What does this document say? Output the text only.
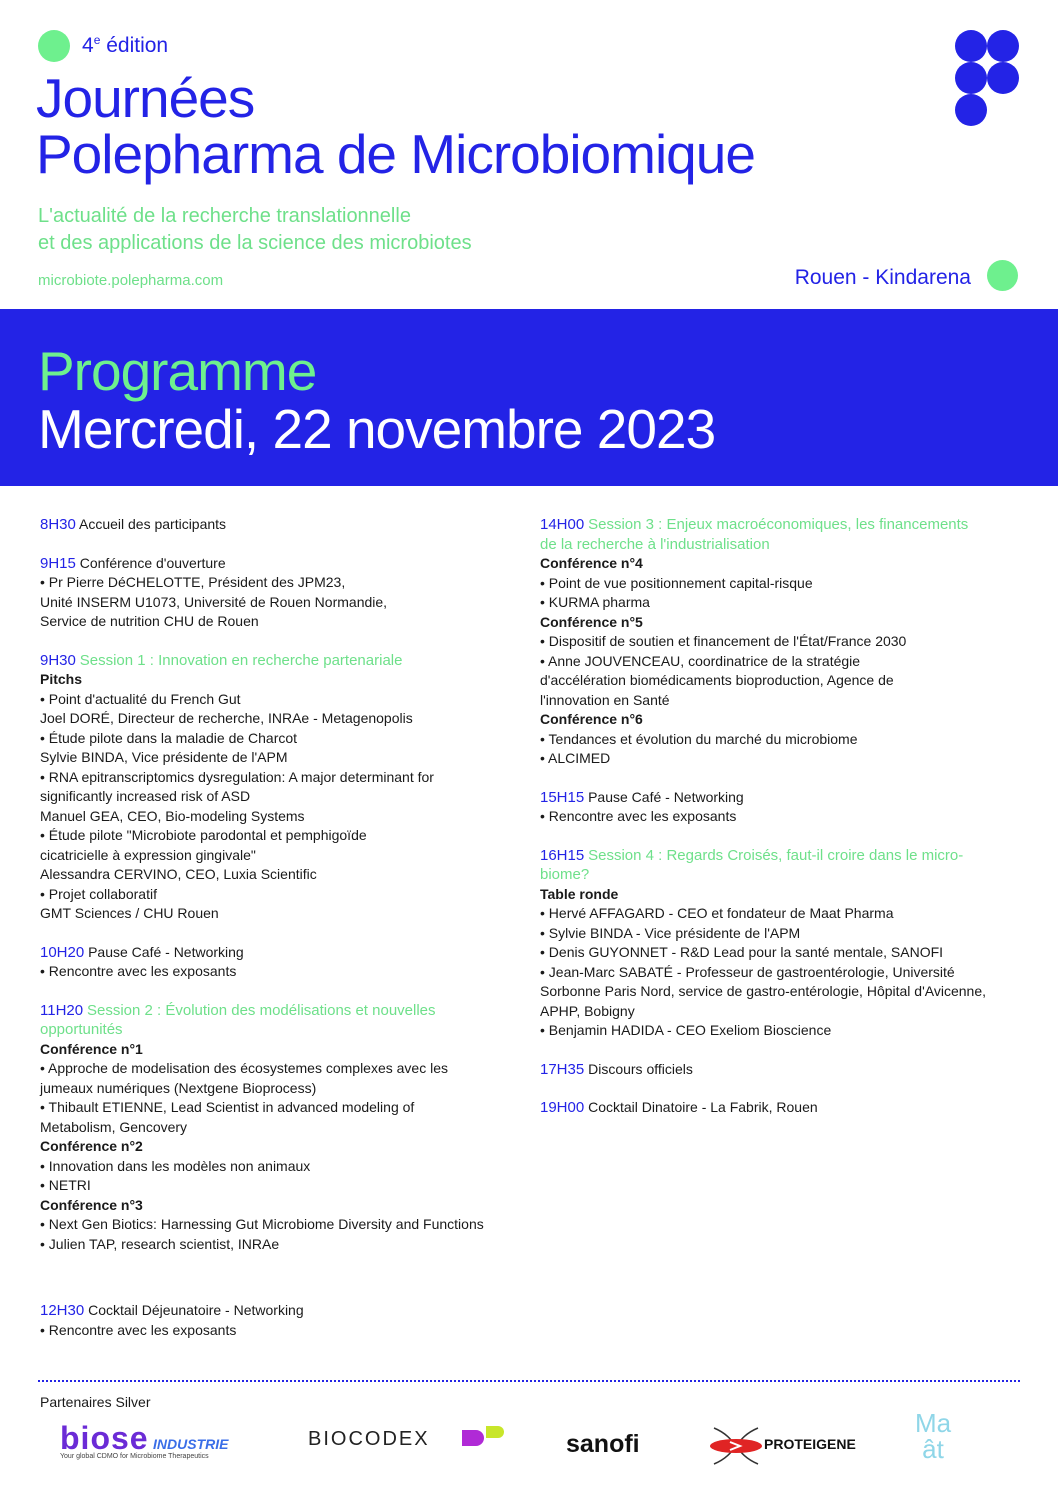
4e édition
Journées
Polepharma de Microbiomique
L'actualité de la recherche translationnelle
et des applications de la science des microbiotes
microbiote.polepharma.com	Rouen - Kindarena
Programme
Mercredi, 22 novembre 2023
8H30 Accueil des participants
9H15 Conférence d'ouverture
• Pr Pierre DéCHELOTTE, Président des JPM23,
Unité INSERM U1073, Université de Rouen Normandie,
Service de nutrition CHU de Rouen
9H30 Session 1 : Innovation en recherche partenariale
Pitchs
• Point d'actualité du French Gut
Joel DORÉ, Directeur de recherche, INRAe - Metagenopolis
• Étude pilote dans la maladie de Charcot
Sylvie BINDA, Vice présidente de l'APM
• RNA epitranscriptomics dysregulation: A major determinant for
significantly increased risk of ASD
Manuel GEA, CEO, Bio-modeling Systems
• Étude pilote "Microbiote parodontal et pemphigoïde
cicatricielle à expression gingivale"
Alessandra CERVINO, CEO, Luxia Scientific
• Projet collaboratif
GMT Sciences / CHU Rouen
10H20 Pause Café - Networking
• Rencontre avec les exposants
11H20 Session 2 : Évolution des modélisations et nouvelles
opportunités
Conférence n°1
• Approche de modelisation des écosystemes complexes avec les
jumeaux numériques (Nextgene Bioprocess)
• Thibault ETIENNE, Lead Scientist in advanced modeling of
Metabolism, Gencovery
Conférence n°2
• Innovation dans les modèles non animaux
• NETRI
Conférence n°3
• Next Gen Biotics: Harnessing Gut Microbiome Diversity and Functions
• Julien TAP, research scientist, INRAe
12H30 Cocktail Déjeunatoire - Networking
• Rencontre avec les exposants
14H00 Session 3 : Enjeux macroéconomiques, les financements
de la recherche à l'industrialisation
Conférence n°4
• Point de vue positionnement capital-risque
• KURMA pharma
Conférence n°5
• Dispositif de soutien et financement de l'État/France 2030
• Anne JOUVENCEAU, coordinatrice de la stratégie
d'accélération biomédicaments bioproduction, Agence de
l'innovation en Santé
Conférence n°6
• Tendances et évolution du marché du microbiome
• ALCIMED
15H15 Pause Café - Networking
• Rencontre avec les exposants
16H15 Session 4 : Regards Croisés, faut-il croire dans le micro-
biome?
Table ronde
• Hervé AFFAGARD - CEO et fondateur de Maat Pharma
• Sylvie BINDA - Vice présidente de l'APM
• Denis GUYONNET - R&D Lead pour la santé mentale, SANOFI
• Jean-Marc SABATÉ - Professeur de gastroentérologie, Université
Sorbonne Paris Nord, service de gastro-entérologie, Hôpital d'Avicenne,
APHP, Bobigny
• Benjamin HADIDA - CEO Exeliom Bioscience
17H35 Discours officiels
19H00 Cocktail Dinatoire - La Fabrik, Rouen
Partenaires Silver
biose INDUSTRIE
Your global CDMO for Microbiome Therapeutics
BIOCODEX	sanofi	PROTEIGENE
Ma
ât
